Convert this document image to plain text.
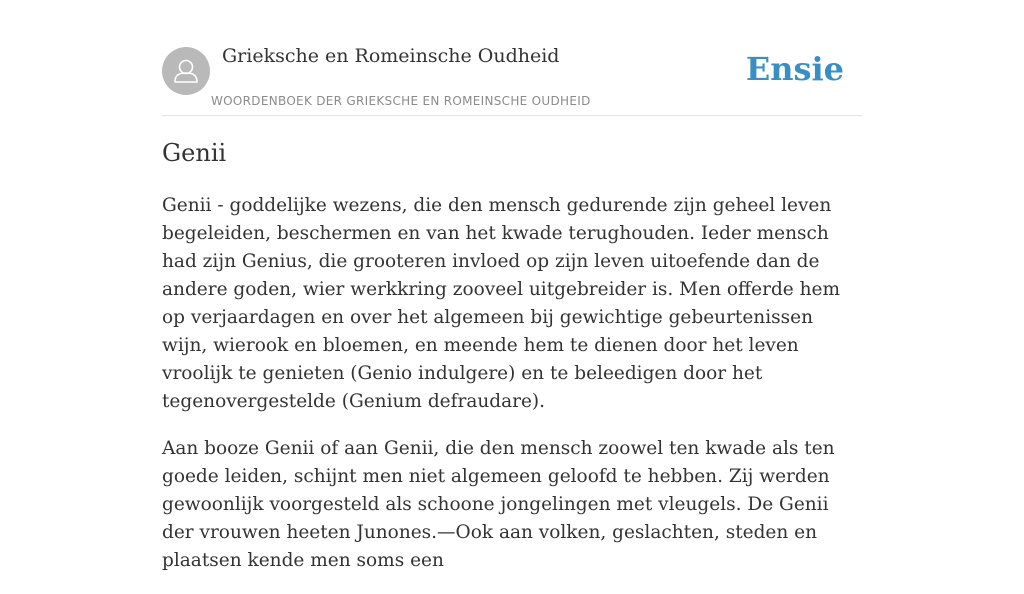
Grieksche en Romeinsche Oudheid
WOORDENBOEK DER GRIEKSCHE EN ROMEINSCHE OUDHEID
Ensie
Genii

Genii - goddelijke wezens, die den mensch gedurende zijn geheel leven begeleiden, beschermen en van het kwade terughouden. Ieder mensch had zijn Genius, die grooteren invloed op zijn leven uitoefende dan de andere goden, wier werkkring zooveel uitgebreider is. Men offerde hem op verjaardagen en over het algemeen bij gewichtige gebeurtenissen wijn, wierook en bloemen, en meende hem te dienen door het leven vroolijk te genieten (Genio indulgere) en te beleedigen door het tegenovergestelde (Genium defraudare).

Aan booze Genii of aan Genii, die den mensch zoowel ten kwade als ten goede leiden, schijnt men niet algemeen geloofd te hebben. Zij werden gewoonlijk voorgesteld als schoone jongelingen met vleugels. De Genii der vrouwen heeten Junones.—Ook aan volken, geslachten, steden en plaatsen kende men soms een
